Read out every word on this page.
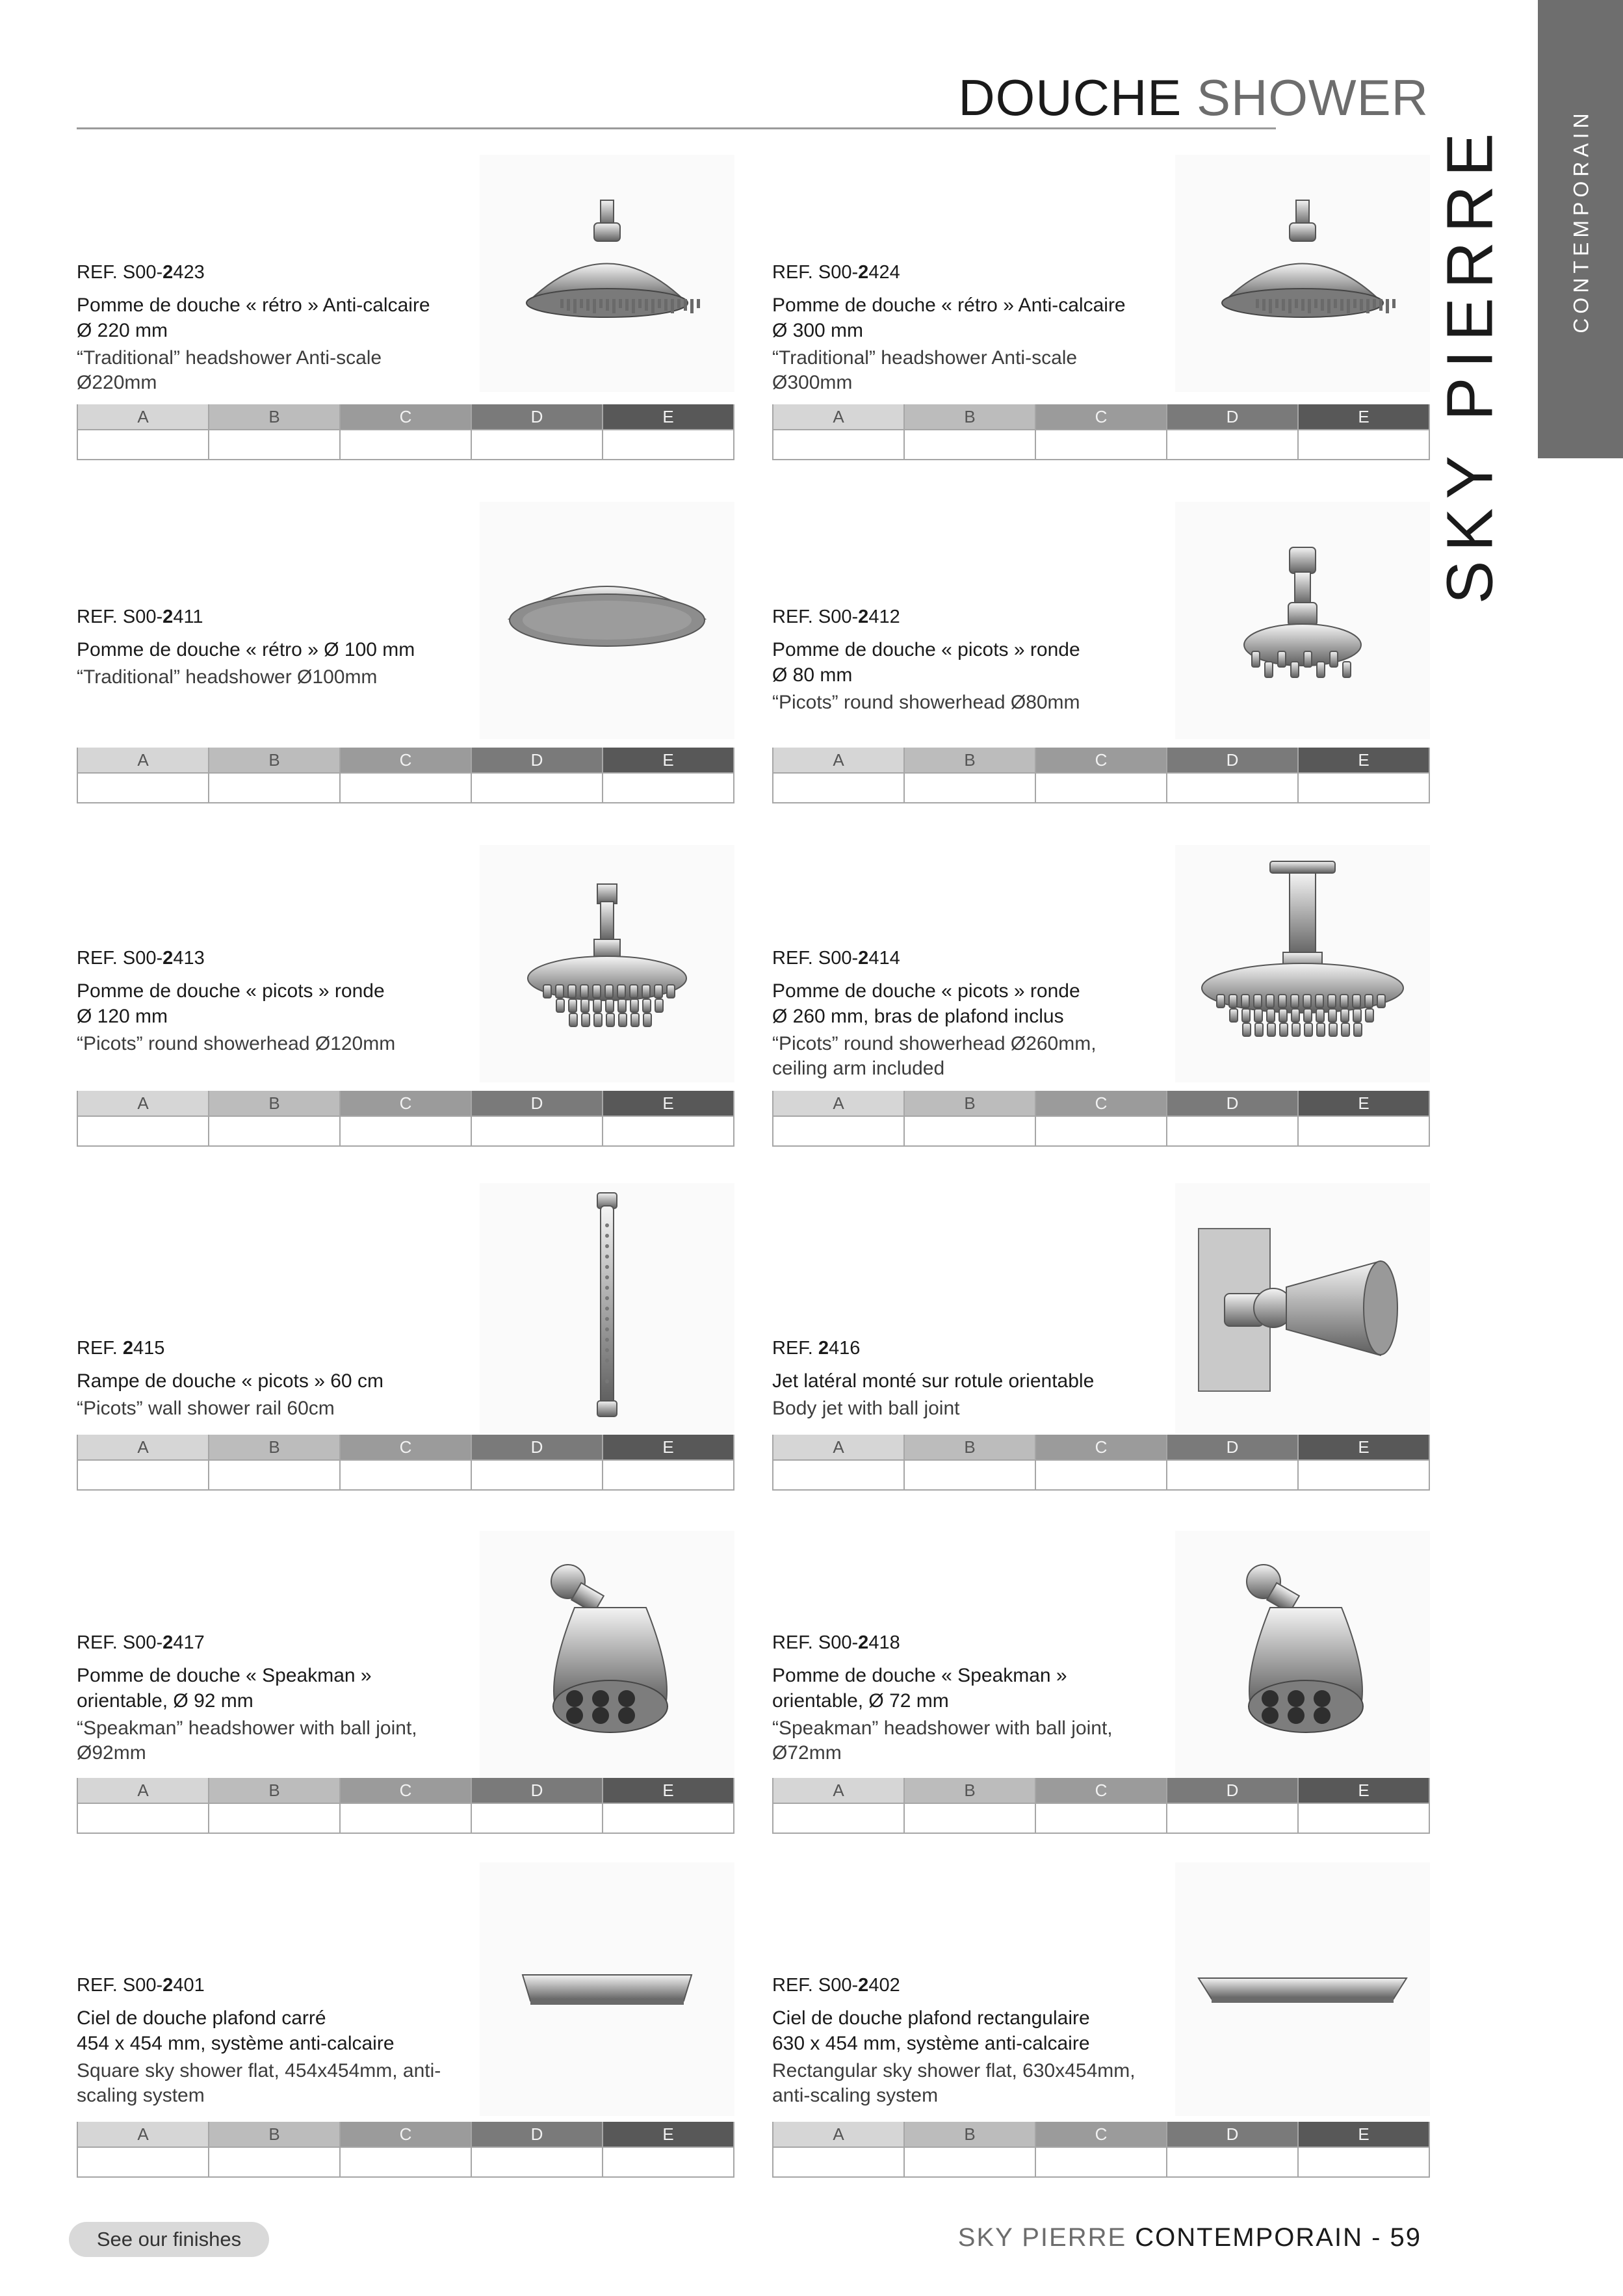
DOUCHE SHOWER
CONTEMPORAIN
SKY PIERRE
REF. S00-2423
Pomme de douche « rétro » Anti-calcaire
Ø 220 mm
“Traditional” headshower Anti-scale
Ø220mm
A	B	C	D	E

REF. S00-2424
Pomme de douche « rétro » Anti-calcaire
Ø 300 mm
“Traditional” headshower Anti-scale
Ø300mm
A	B	C	D	E

REF. S00-2411
Pomme de douche « rétro » Ø 100 mm
“Traditional” headshower Ø100mm
A	B	C	D	E

REF. S00-2412
Pomme de douche « picots » ronde
Ø 80 mm
“Picots” round showerhead Ø80mm
A	B	C	D	E

REF. S00-2413
Pomme de douche « picots » ronde
Ø 120 mm
“Picots” round showerhead Ø120mm
A	B	C	D	E

REF. S00-2414
Pomme de douche « picots » ronde
Ø 260 mm, bras de plafond inclus
“Picots” round showerhead Ø260mm,
ceiling arm included
A	B	C	D	E

REF. 2415
Rampe de douche « picots » 60 cm
“Picots” wall shower rail 60cm
A	B	C	D	E

REF. 2416
Jet latéral monté sur rotule orientable
Body jet with ball joint
A	B	C	D	E

REF. S00-2417
Pomme de douche « Speakman »
orientable, Ø 92 mm
“Speakman” headshower with ball joint,
Ø92mm
A	B	C	D	E

REF. S00-2418
Pomme de douche « Speakman »
orientable, Ø 72 mm
“Speakman” headshower with ball joint,
Ø72mm
A	B	C	D	E

REF. S00-2401
Ciel de douche plafond carré
454 x 454 mm, système anti-calcaire
Square sky shower flat, 454x454mm, anti-
scaling system
A	B	C	D	E

REF. S00-2402
Ciel de douche plafond rectangulaire
630 x 454 mm, système anti-calcaire
Rectangular sky shower flat, 630x454mm,
anti-scaling system
A	B	C	D	E

See our finishes	SKY PIERRE CONTEMPORAIN - 59
